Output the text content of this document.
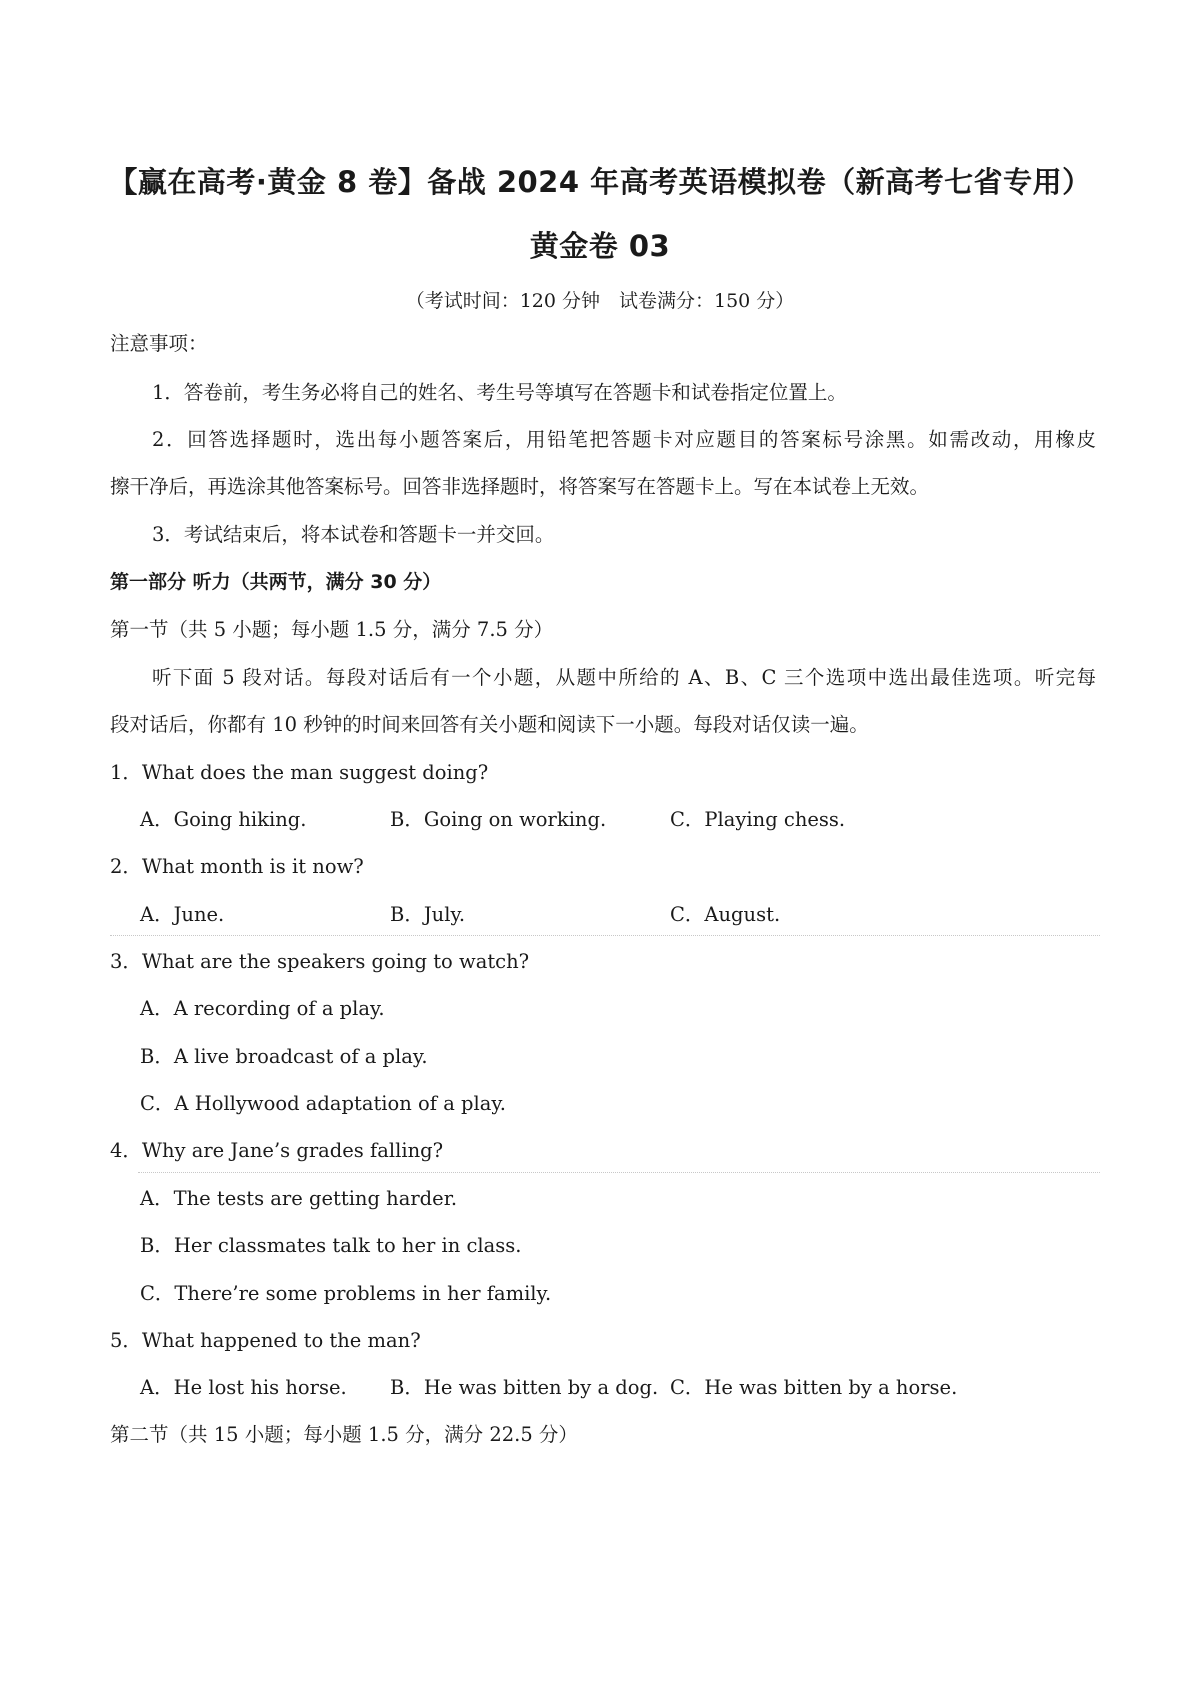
【赢在高考·黄金 8 卷】备战 2024 年高考英语模拟卷（新高考七省专用）
黄金卷 03
（考试时间：120 分钟　试卷满分：150 分）
注意事项：
1．答卷前，考生务必将自己的姓名、考生号等填写在答题卡和试卷指定位置上。
2．回答选择题时，选出每小题答案后，用铅笔把答题卡对应题目的答案标号涂黑。如需改动，用橡皮
擦干净后，再选涂其他答案标号。回答非选择题时，将答案写在答题卡上。写在本试卷上无效。
3．考试结束后，将本试卷和答题卡一并交回。
第一部分 听力（共两节，满分 30 分）
第一节（共 5 小题；每小题 1.5 分，满分 7.5 分）
听下面 5 段对话。每段对话后有一个小题，从题中所给的 A、B、C 三个选项中选出最佳选项。听完每
段对话后，你都有 10 秒钟的时间来回答有关小题和阅读下一小题。每段对话仅读一遍。
1．What does the man suggest doing?
A．Going hiking.	B．Going on working.	C．Playing chess.
2．What month is it now?
A．June.	B．July.	C．August.
3．What are the speakers going to watch?
A．A recording of a play.
B．A live broadcast of a play.
C．A Hollywood adaptation of a play.
4．Why are Jane’s grades falling?
A．The tests are getting harder.
B．Her classmates talk to her in class.
C．There’re some problems in her family.
5．What happened to the man?
A．He lost his horse. B．He was bitten by a dog. C．He was bitten by a horse.
第二节（共 15 小题；每小题 1.5 分，满分 22.5 分）
